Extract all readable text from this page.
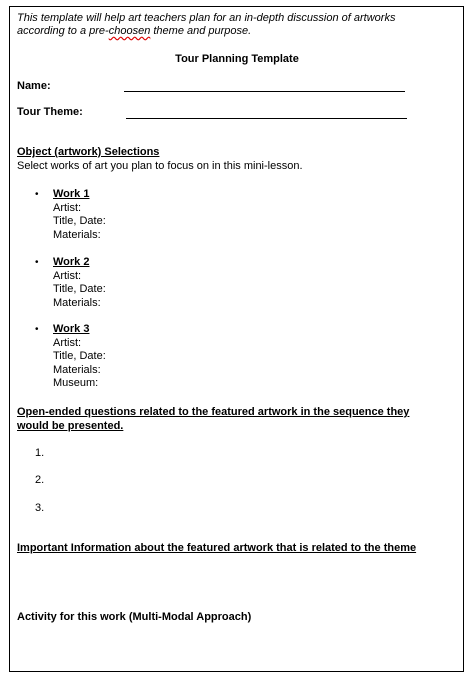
This template will help art teachers plan for an in-depth discussion of artworks
according to a pre-choosen theme and purpose.
Tour Planning Template
Name:
Tour Theme:
Object (artwork) Selections
Select works of art you plan to focus on in this mini-lesson.
• Work 1
Artist:
Title, Date:
Materials:
• Work 2
Artist:
Title, Date:
Materials:
• Work 3
Artist:
Title, Date:
Materials:
Museum:
Open-ended questions related to the featured artwork in the sequence they
would be presented.
1.
2.
3.
Important Information about the featured artwork that is related to the theme
Activity for this work (Multi-Modal Approach)
